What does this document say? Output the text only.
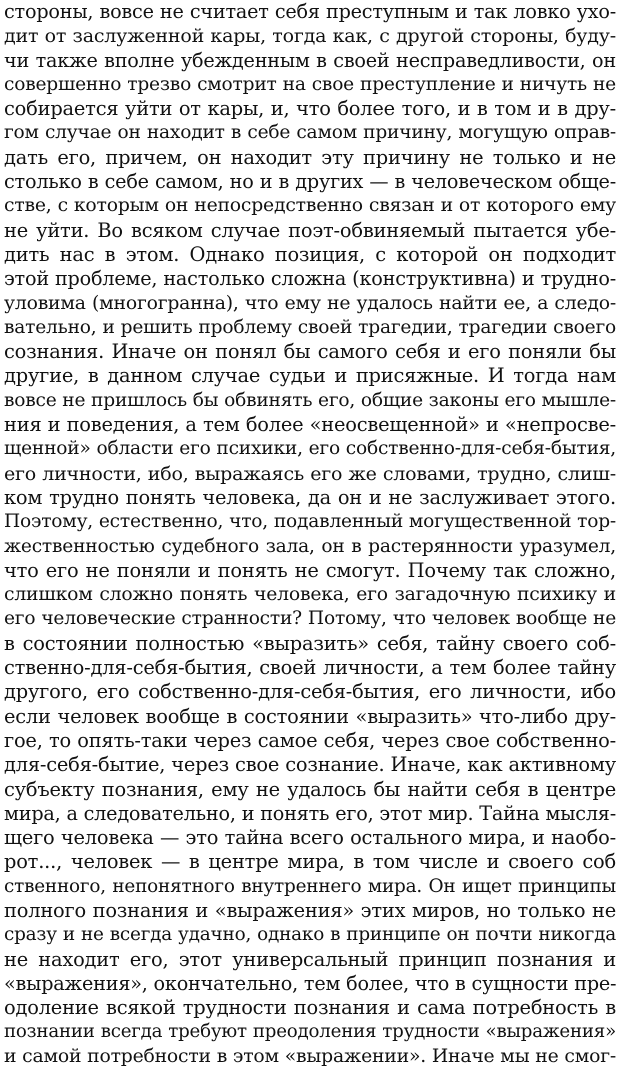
стороны, вовсе не считает себя преступным и так ловко ухо-
дит от заслуженной кары, тогда как, с другой стороны, буду-
чи также вполне убежденным в своей несправедливости, он
совершенно трезво смотрит на свое преступление и ничуть не
собирается уйти от кары, и, что более того, и в том и в дру-
гом случае он находит в себе самом причину, могущую оправ-
дать его, причем, он находит эту причину не только и не
столько в себе самом, но и в других — в человеческом обще-
стве, с которым он непосредственно связан и от которого ему
не уйти. Во всяком случае поэт-обвиняемый пытается убе-
дить нас в этом. Однако позиция, с которой он подходит
этой проблеме, настолько сложна (конструктивна) и трудно-
уловима (многогранна), что ему не удалось найти ее, а следо-
вательно, и решить проблему своей трагедии, трагедии своего
сознания. Иначе он понял бы самого себя и его поняли бы
другие, в данном случае судьи и присяжные. И тогда нам
вовсе не пришлось бы обвинять его, общие законы его мышле-
ния и поведения, а тем более «неосвещенной» и «непросве-
щенной» области его психики, его собственно-для-себя-бытия,
его личности, ибо, выражаясь его же словами, трудно, слиш-
ком трудно понять человека, да он и не заслуживает этого.
Поэтому, естественно, что, подавленный могущественной тор-
жественностью судебного зала, он в растерянности уразумел,
что его не поняли и понять не смогут. Почему так сложно,
слишком сложно понять человека, его загадочную психику и
его человеческие странности? Потому, что человек вообще не
в состоянии полностью «выразить» себя, тайну своего соб-
ственно-для-себя-бытия, своей личности, а тем более тайну
другого, его собственно-для-себя-бытия, его личности, ибо
если человек вообще в состоянии «выразить» что-либо дру-
гое, то опять-таки через самое себя, через свое собственно-
для-себя-бытие, через свое сознание. Иначе, как активному
субъекту познания, ему не удалось бы найти себя в центре
мира, а следовательно, и понять его, этот мир. Тайна мысля-
щего человека — это тайна всего остального мира, и наобо-
рот..., человек — в центре мира, в том числе и своего соб
ственного, непонятного внутреннего мира. Он ищет принципы
полного познания и «выражения» этих миров, но только не
сразу и не всегда удачно, однако в принципе он почти никогда
не находит его, этот универсальный принцип познания и
«выражения», окончательно, тем более, что в сущности пре-
одоление всякой трудности познания и сама потребность в
познании всегда требуют преодоления трудности «выражения»
и самой потребности в этом «выражении». Иначе мы не смог-
